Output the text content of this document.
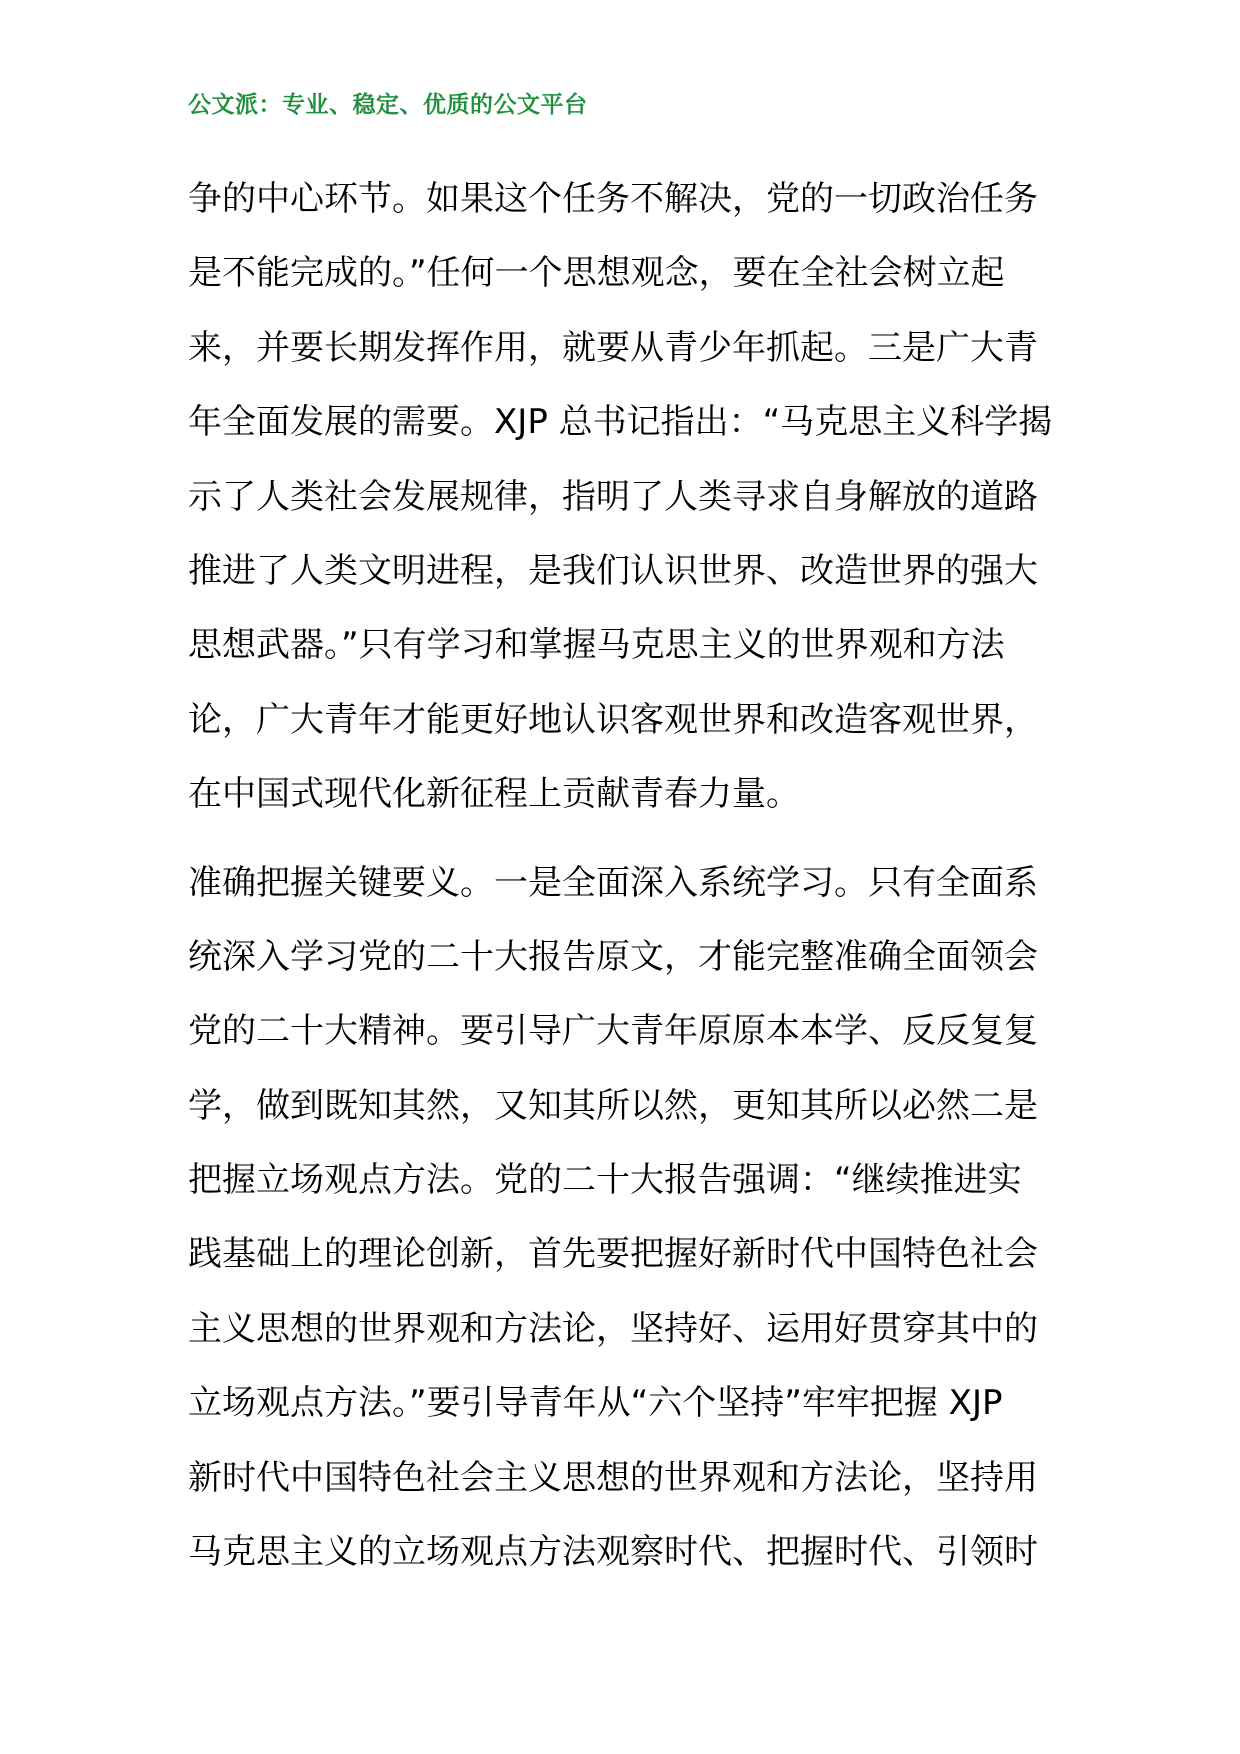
公文派：专业、稳定、优质的公文平台
争的中心环节。如果这个任务不解决，党的一切政治任务
是不能完成的。”任何一个思想观念，要在全社会树立起
来，并要长期发挥作用，就要从青少年抓起。三是广大青
年全面发展的需要。XJP 总书记指出：“马克思主义科学揭
示了人类社会发展规律，指明了人类寻求自身解放的道路
推进了人类文明进程，是我们认识世界、改造世界的强大
思想武器。”只有学习和掌握马克思主义的世界观和方法
论，广大青年才能更好地认识客观世界和改造客观世界，
在中国式现代化新征程上贡献青春力量。
准确把握关键要义。一是全面深入系统学习。只有全面系
统深入学习党的二十大报告原文，才能完整准确全面领会
党的二十大精神。要引导广大青年原原本本学、反反复复
学，做到既知其然，又知其所以然，更知其所以必然二是
把握立场观点方法。党的二十大报告强调：“继续推进实
践基础上的理论创新，首先要把握好新时代中国特色社会
主义思想的世界观和方法论，坚持好、运用好贯穿其中的
立场观点方法。”要引导青年从“六个坚持”牢牢把握 XJP
新时代中国特色社会主义思想的世界观和方法论，坚持用
马克思主义的立场观点方法观察时代、把握时代、引领时
